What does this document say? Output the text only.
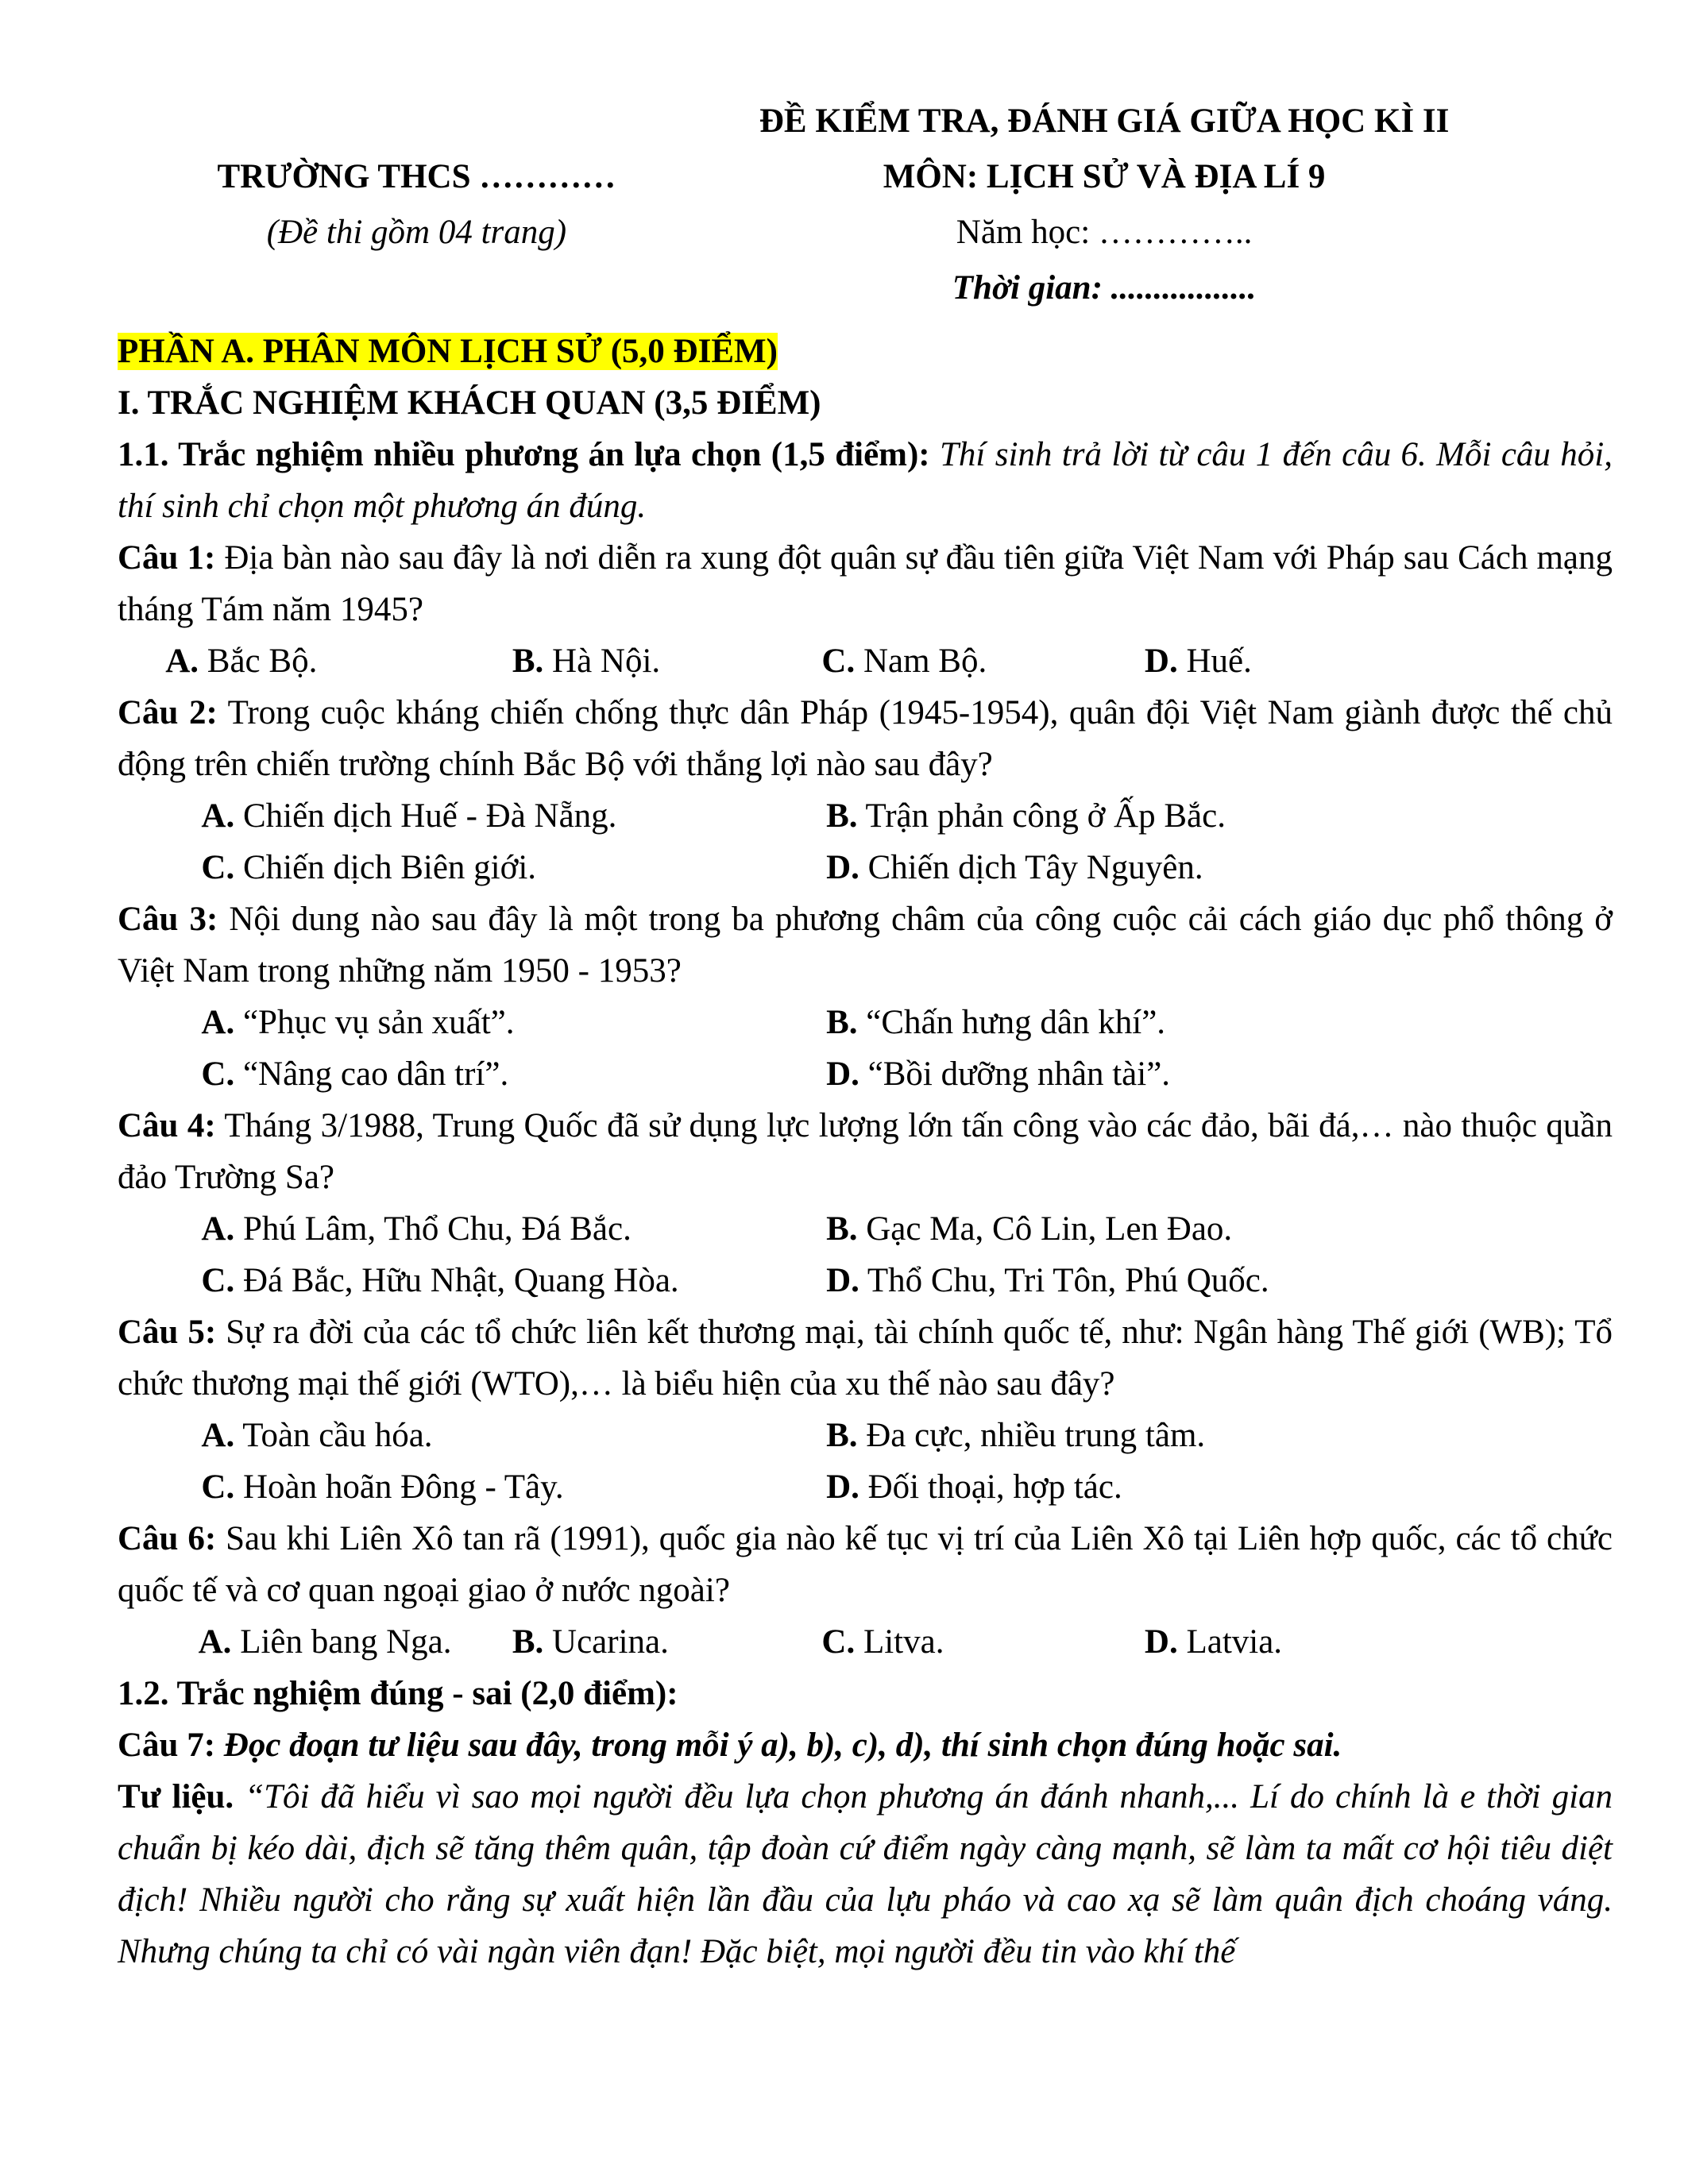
TRƯỜNG THCS …………
(Đề thi gồm 04 trang)
ĐỀ KIỂM TRA, ĐÁNH GIÁ GIỮA HỌC KÌ II
MÔN: LỊCH SỬ VÀ ĐỊA LÍ 9
Năm học: …………..
Thời gian: .................

PHẦN A. PHÂN MÔN LỊCH SỬ (5,0 ĐIỂM)

I. TRẮC NGHIỆM KHÁCH QUAN (3,5 ĐIỂM)

1.1. Trắc nghiệm nhiều phương án lựa chọn (1,5 điểm): Thí sinh trả lời từ câu 1 đến câu 6. Mỗi câu hỏi, thí sinh chỉ chọn một phương án đúng.

Câu 1: Địa bàn nào sau đây là nơi diễn ra xung đột quân sự đầu tiên giữa Việt Nam với Pháp sau Cách mạng tháng Tám năm 1945?

A. Bắc Bộ.	B. Hà Nội.	C. Nam Bộ.	D. Huế.

Câu 2: Trong cuộc kháng chiến chống thực dân Pháp (1945-1954), quân đội Việt Nam giành được thế chủ động trên chiến trường chính Bắc Bộ với thắng lợi nào sau đây?

A. Chiến dịch Huế - Đà Nẵng.	B. Trận phản công ở Ấp Bắc.
C. Chiến dịch Biên giới.	D. Chiến dịch Tây Nguyên.

Câu 3: Nội dung nào sau đây là một trong ba phương châm của công cuộc cải cách giáo dục phổ thông ở Việt Nam trong những năm 1950 - 1953?

A. “Phục vụ sản xuất”.	B. “Chấn hưng dân khí”.
C. “Nâng cao dân trí”.	D. “Bồi dưỡng nhân tài”.

Câu 4: Tháng 3/1988, Trung Quốc đã sử dụng lực lượng lớn tấn công vào các đảo, bãi đá,… nào thuộc quần đảo Trường Sa?

A. Phú Lâm, Thổ Chu, Đá Bắc.	B. Gạc Ma, Cô Lin, Len Đao.
C. Đá Bắc, Hữu Nhật, Quang Hòa.	D. Thổ Chu, Tri Tôn, Phú Quốc.

Câu 5: Sự ra đời của các tổ chức liên kết thương mại, tài chính quốc tế, như: Ngân hàng Thế giới (WB); Tổ chức thương mại thế giới (WTO),… là biểu hiện của xu thế nào sau đây?

A. Toàn cầu hóa.	B. Đa cực, nhiều trung tâm.
C. Hoàn hoãn Đông - Tây.	D. Đối thoại, hợp tác.

Câu 6: Sau khi Liên Xô tan rã (1991), quốc gia nào kế tục vị trí của Liên Xô tại Liên hợp quốc, các tổ chức quốc tế và cơ quan ngoại giao ở nước ngoài?

A. Liên bang Nga.	B. Ucarina.	C. Litva.	D. Latvia.

1.2. Trắc nghiệm đúng - sai (2,0 điểm):

Câu 7: Đọc đoạn tư liệu sau đây, trong mỗi ý a), b), c), d), thí sinh chọn đúng hoặc sai.

Tư liệu. “Tôi đã hiểu vì sao mọi người đều lựa chọn phương án đánh nhanh,... Lí do chính là e thời gian chuẩn bị kéo dài, địch sẽ tăng thêm quân, tập đoàn cứ điểm ngày càng mạnh, sẽ làm ta mất cơ hội tiêu diệt địch! Nhiều người cho rằng sự xuất hiện lần đầu của lựu pháo và cao xạ sẽ làm quân địch choáng váng. Nhưng chúng ta chỉ có vài ngàn viên đạn! Đặc biệt, mọi người đều tin vào khí thế
